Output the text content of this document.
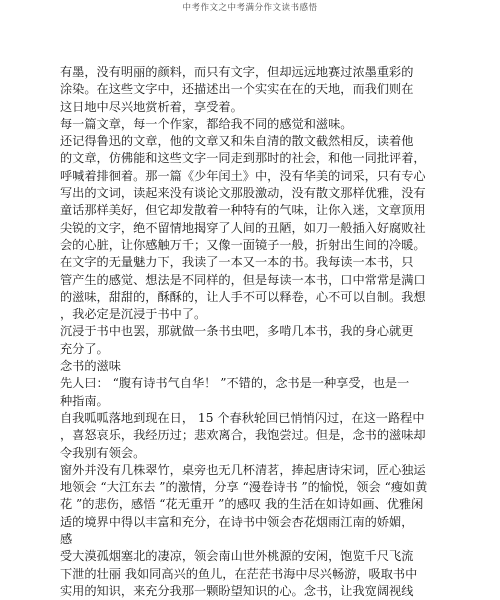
中考作文之中考满分作文读书感悟

有墨，没有明丽的颜料，而只有文字，但却远远地赛过浓墨重彩的
涂染。在这些文字中，还描述出一个实实在在的天地，而我们则在
这日地中尽兴地赏析着，享受着。

每一篇文章，每一个作家，都给我不同的感觉和滋味。

还记得鲁迅的文章，他的文章又和朱自清的散文截然相反，读着他
的文章，仿佛能和这些文字一同走到那时的社会，和他一同批评着，
呼喊着排徊着。那一篇《少年闰土》中，没有华美的词采，只有专心
写出的文词，读起来没有谈论文那股激动，没有散文那样优雅，没有
童话那样美好，但它却发散着一种特有的气味，让你入迷，文章顶用
尖锐的文字，绝不留情地揭穿了人间的丑陋，如刀一般插入好腐败社
会的心脏，让你感触万千；又像一面镜子一般，折射出生间的冷暖。

在文字的无量魅力下，我读了一本又一本的书。我每读一本书，只
管产生的感觉、想法是不同样的，但是每读一本书，口中常常是满口
的滋味，甜甜的，酥酥的，让人手不可以释卷，心不可以自制。我想
，我必定是沉浸于书中了。

沉浸于书中也罢，那就做一条书虫吧，多啃几本书，我的身心就更
充分了。

念书的滋味

先人曰： “腹有诗书气自华！ ”不错的，念书是一种享受，也是一
种指南。

自我呱呱落地到现在日， 15 个春秋轮回已悄悄闪过，在这一路程中
，喜怒哀乐，我经历过；悲欢离合，我饱尝过。但是，念书的滋味却
令我别有领会。

窗外并没有几株翠竹，桌旁也无几杯清茗，捧起唐诗宋词，匠心独运
地领会 “大江东去 ”的激情，分享 “漫卷诗书 ”的愉悦，领会 “瘦如黄
花 ”的悲伤，感悟 “花无重开 ”的感叹 我的生活在如诗如画、优雅闲
适的境界中得以丰富和充分，在诗书中领会杏花烟雨江南的娇媚，
感

受大漠孤烟塞北的凄凉，领会南山世外桃源的安闲，饱览千尺飞流
下泄的壮丽 我如同高兴的鱼儿，在茫茫书海中尽兴畅游，吸取书中
实用的知识，来充分我那一颗盼望知识的心。念书，让我宽阔视线
